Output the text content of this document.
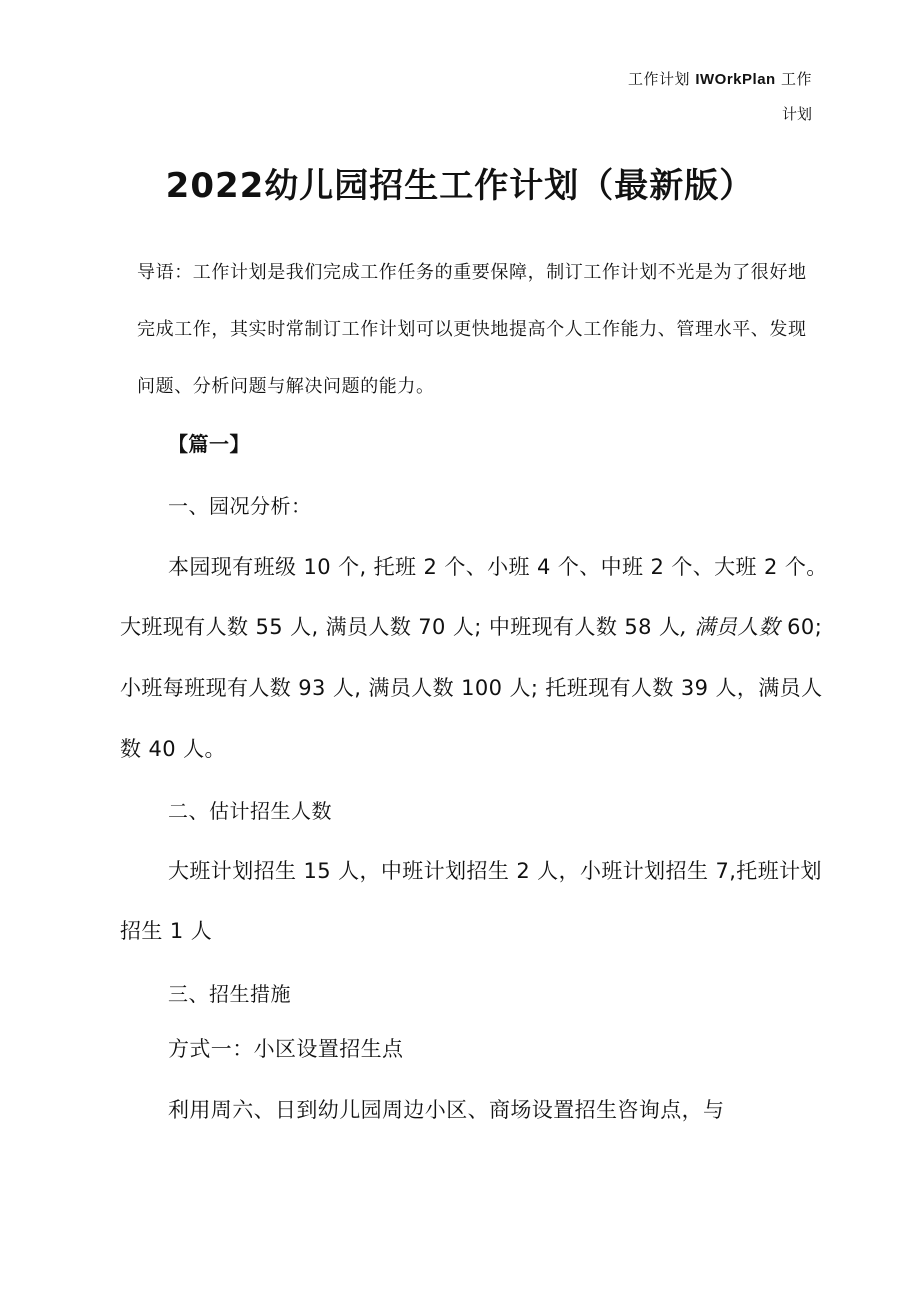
工作计划 IWOrkPlan 工作
计划
2022幼儿园招生工作计划（最新版）

导语：工作计划是我们完成工作任务的重要保障，制订工作计划不光是为了很好地

完成工作，其实时常制订工作计划可以更快地提高个人工作能力、管理水平、发现

问题、分析问题与解决问题的能力。

【篇一】

一、园况分析：

本园现有班级 10 个, 托班 2 个、小班 4 个、中班 2 个、大班 2 个。

大班现有人数 55 人, 满员人数 70 人; 中班现有人数 58 人, 满员人数 60;

小班每班现有人数 93 人, 满员人数 100 人; 托班现有人数 39 人，满员人

数 40 人。

二、估计招生人数

大班计划招生 15 人，中班计划招生 2 人，小班计划招生 7,托班计划

招生 1 人

三、招生措施

方式一：小区设置招生点

利用周六、日到幼儿园周边小区、商场设置招生咨询点，与
